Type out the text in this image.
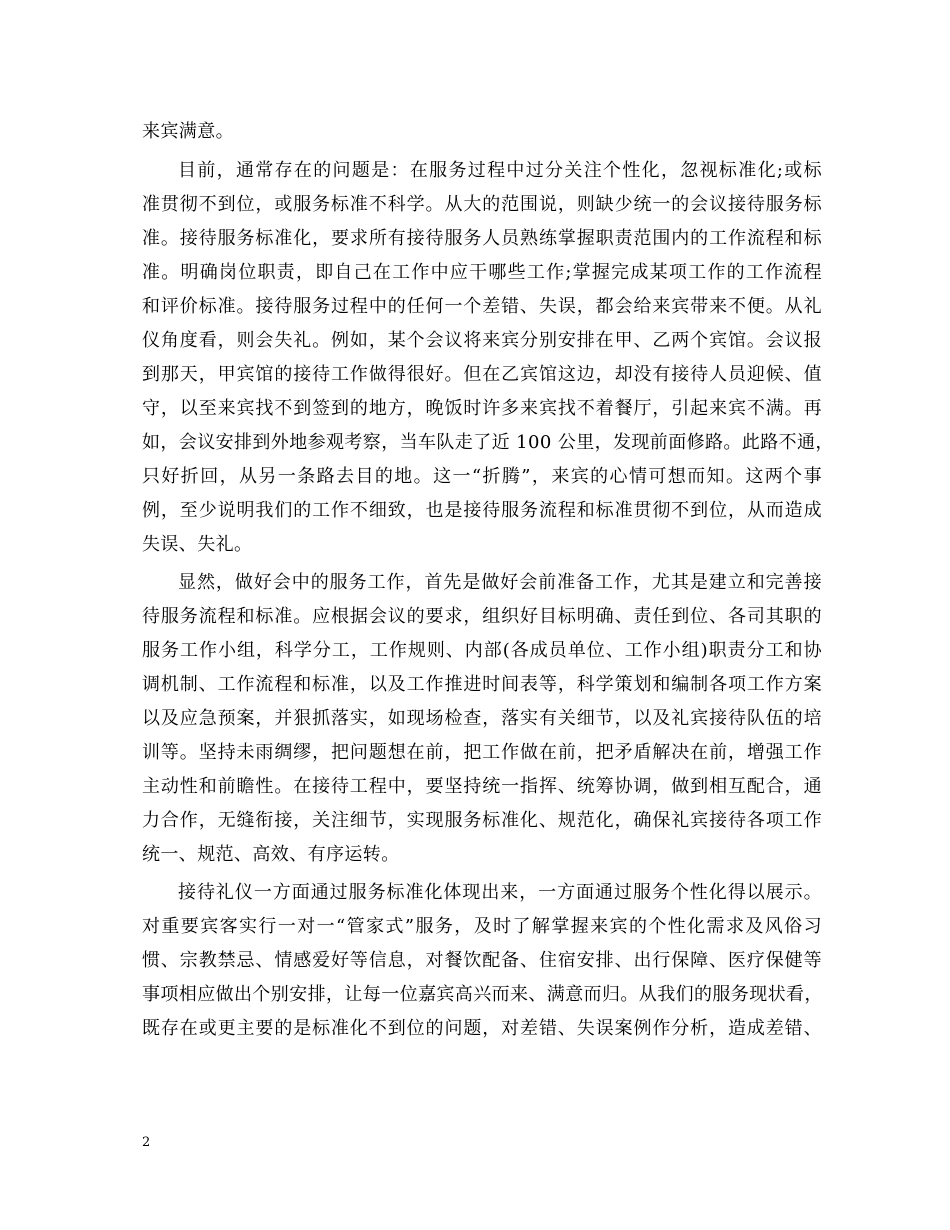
来宾满意。
目前，通常存在的问题是：在服务过程中过分关注个性化，忽视标准化;或标
准贯彻不到位，或服务标准不科学。从大的范围说，则缺少统一的会议接待服务标
准。接待服务标准化，要求所有接待服务人员熟练掌握职责范围内的工作流程和标
准。明确岗位职责，即自己在工作中应干哪些工作;掌握完成某项工作的工作流程
和评价标准。接待服务过程中的任何一个差错、失误，都会给来宾带来不便。从礼
仪角度看，则会失礼。例如，某个会议将来宾分别安排在甲、乙两个宾馆。会议报
到那天，甲宾馆的接待工作做得很好。但在乙宾馆这边，却没有接待人员迎候、值
守，以至来宾找不到签到的地方，晚饭时许多来宾找不着餐厅，引起来宾不满。再
如，会议安排到外地参观考察，当车队走了近 100 公里，发现前面修路。此路不通，
只好折回，从另一条路去目的地。这一“折腾”，来宾的心情可想而知。这两个事
例，至少说明我们的工作不细致，也是接待服务流程和标准贯彻不到位，从而造成
失误、失礼。
显然，做好会中的服务工作，首先是做好会前准备工作，尤其是建立和完善接
待服务流程和标准。应根据会议的要求，组织好目标明确、责任到位、各司其职的
服务工作小组，科学分工，工作规则、内部(各成员单位、工作小组)职责分工和协
调机制、工作流程和标准，以及工作推进时间表等，科学策划和编制各项工作方案
以及应急预案，并狠抓落实，如现场检查，落实有关细节，以及礼宾接待队伍的培
训等。坚持未雨绸缪，把问题想在前，把工作做在前，把矛盾解决在前，增强工作
主动性和前瞻性。在接待工程中，要坚持统一指挥、统筹协调，做到相互配合，通
力合作，无缝衔接，关注细节，实现服务标准化、规范化，确保礼宾接待各项工作
统一、规范、高效、有序运转。
接待礼仪一方面通过服务标准化体现出来，一方面通过服务个性化得以展示。
对重要宾客实行一对一“管家式”服务，及时了解掌握来宾的个性化需求及风俗习
惯、宗教禁忌、情感爱好等信息，对餐饮配备、住宿安排、出行保障、医疗保健等
事项相应做出个别安排，让每一位嘉宾高兴而来、满意而归。从我们的服务现状看，
既存在或更主要的是标准化不到位的问题，对差错、失误案例作分析，造成差错、
2
